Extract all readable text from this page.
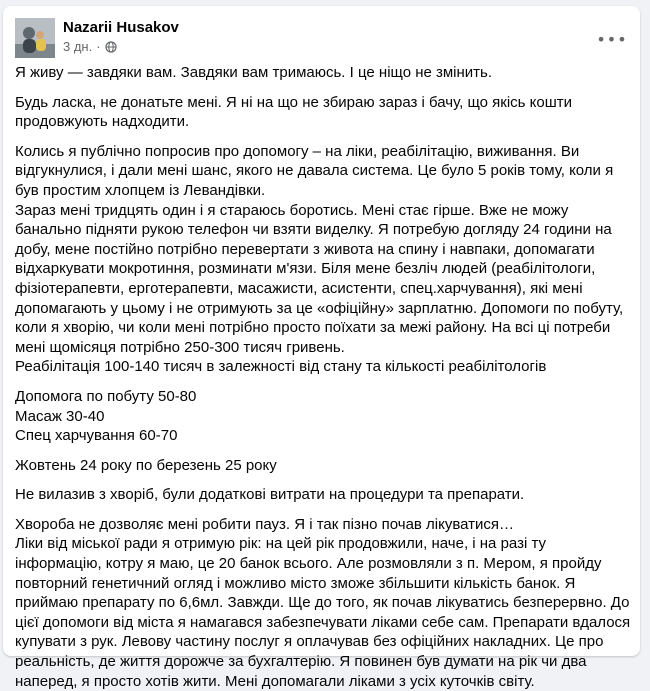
Nazarii Husakov
3 дн. ·	•••

Я живу — завдяки вам. Завдяки вам тримаюсь. І це ніщо не змінить.

Будь ласка, не донатьте мені. Я ні на що не збираю зараз і бачу, що якісь кошти продовжують надходити.

Колись я публічно попросив про допомогу – на ліки, реабілітацію, виживання. Ви відгукнулися, і дали мені шанс, якого не давала система. Це було 5 років тому, коли я був простим хлопцем із Левандівки.

Зараз мені тридцять один і я стараюсь боротись. Мені стає гірше. Вже не можу банально підняти рукою телефон чи взяти виделку. Я потребую догляду 24 години на добу, мене постійно потрібно перевертати з живота на спину і навпаки, допомагати відхаркувати мокротиння, розминати м'язи. Біля мене безліч людей (реабілітологи, фізіотерапевти, ерготерапевти, масажисти, асистенти, спец.харчування), які мені допомагають у цьому і не отримують за це «офіційну» зарплатню. Допомоги по побуту, коли я хворію, чи коли мені потрібно просто поїхати за межі району. На всі ці потреби мені щомісяця потрібно 250-300 тисяч гривень.

Реабілітація 100-140 тисяч в залежності від стану та кількості реабілітологів

Допомога по побуту 50-80

Масаж 30-40

Спец харчування 60-70

Жовтень 24 року по березень 25 року

Не вилазив з хворіб, були додаткові витрати на процедури та препарати.

Хвороба не дозволяє мені робити пауз. Я і так пізно почав лікуватися…

Ліки від міської ради я отримую рік: на цей рік продовжили, наче, і на разі ту інформацію, котру я маю, це 20 банок всього. Але розмовляли з п. Мером, я пройду повторний генетичний огляд і можливо місто зможе збільшити кількість банок. Я приймаю препарату по 6,6мл. Завжди. Ще до того, як почав лікуватись безперервно. До цієї допомоги від міста я намагався забезпечувати ліками себе сам. Препарати вдалося купувати з рук. Левову частину послуг я оплачував без офіційних накладних. Це про реальність, де життя дорожче за бухгалтерію. Я повинен був думати на рік чи два наперед, я просто хотів жити. Мені допомагали ліками з усіх куточків світу.
